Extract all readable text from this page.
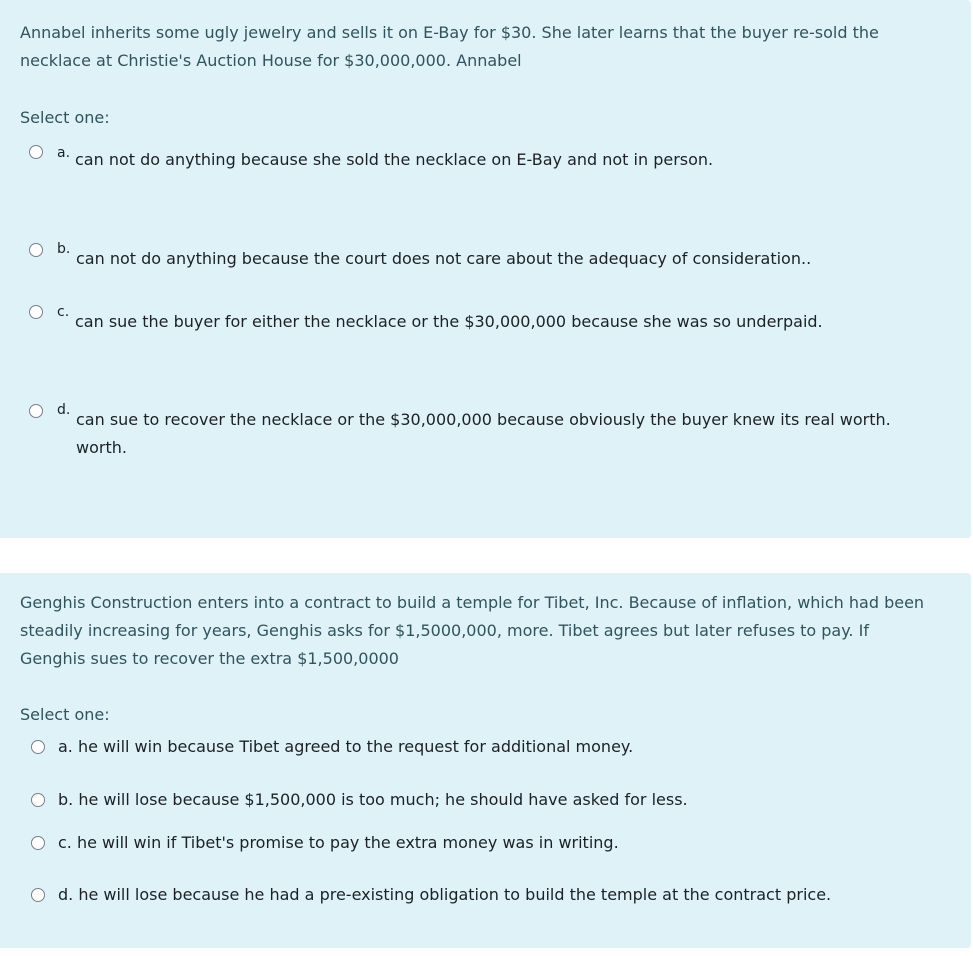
Annabel inherits some ugly jewelry and sells it on E-Bay for $30. She later learns that the buyer re-sold the
necklace at Christie's Auction House for $30,000,000. Annabel
Select one:
a. can not do anything because she sold the necklace on E-Bay and not in person.
b. can not do anything because the court does not care about the adequacy of consideration..
c. can sue the buyer for either the necklace or the $30,000,000 because she was so underpaid.
d. can sue to recover the necklace or the $30,000,000 because obviously the buyer knew its real worth.
worth.
Genghis Construction enters into a contract to build a temple for Tibet, Inc. Because of inflation, which had been
steadily increasing for years, Genghis asks for $1,5000,000, more. Tibet agrees but later refuses to pay. If
Genghis sues to recover the extra $1,500,0000
Select one:
a. he will win because Tibet agreed to the request for additional money.
b. he will lose because $1,500,000 is too much; he should have asked for less.
c. he will win if Tibet's promise to pay the extra money was in writing.
d. he will lose because he had a pre-existing obligation to build the temple at the contract price.
